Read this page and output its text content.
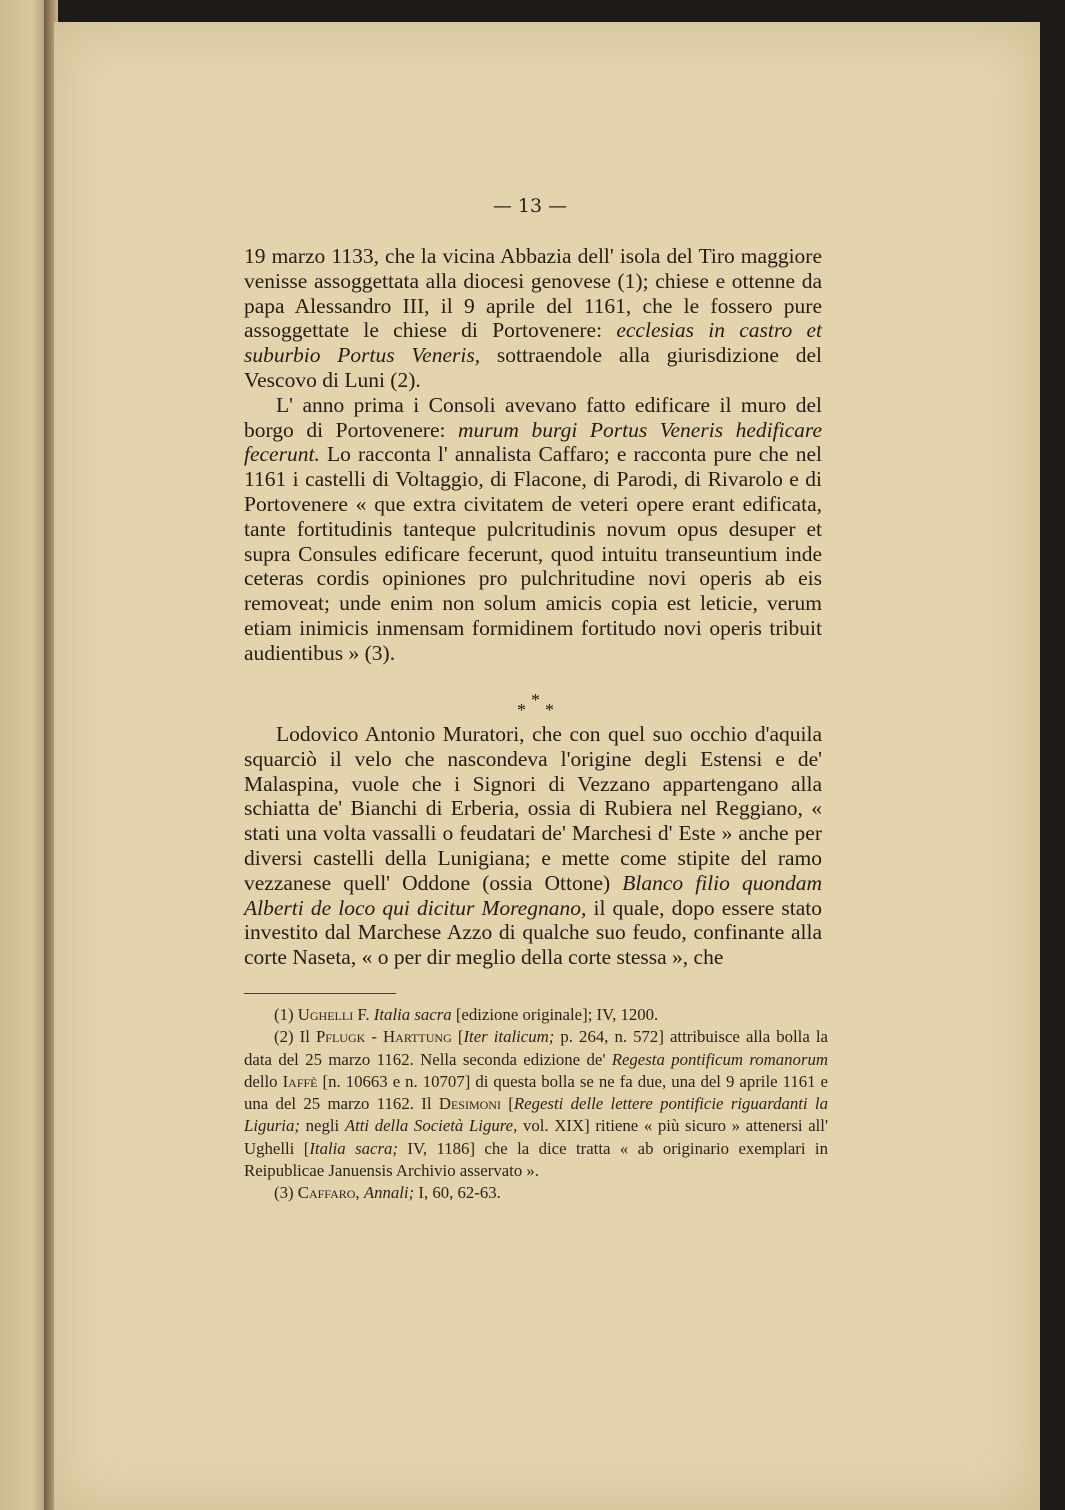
— 13 —

19 marzo 1133, che la vicina Abbazia dell' isola del Tiro maggiore venisse assoggettata alla diocesi genovese (1); chiese e ottenne da papa Alessandro III, il 9 aprile del 1161, che le fossero pure assoggettate le chiese di Portovenere: ecclesias in castro et suburbio Portus Veneris, sottraendole alla giurisdizione del Vescovo di Luni (2).

L' anno prima i Consoli avevano fatto edificare il muro del borgo di Portovenere: murum burgi Portus Veneris hedificare fecerunt. Lo racconta l' annalista Caffaro; e racconta pure che nel 1161 i castelli di Voltaggio, di Flacone, di Parodi, di Rivarolo e di Portovenere « que extra civitatem de veteri opere erant edificata, tante fortitudinis tanteque pulcritudinis novum opus desuper et supra Consules edificare fecerunt, quod intuitu transeuntium inde ceteras cordis opiniones pro pulchritudine novi operis ab eis removeat; unde enim non solum amicis copia est leticie, verum etiam inimicis inmensam formidinem fortitudo novi operis tribuit audientibus » (3).

*
* *

Lodovico Antonio Muratori, che con quel suo occhio d'aquila squarciò il velo che nascondeva l'origine degli Estensi e de' Malaspina, vuole che i Signori di Vezzano appartengano alla schiatta de' Bianchi di Erberia, ossia di Rubiera nel Reggiano, « stati una volta vassalli o feudatari de' Marchesi d' Este » anche per diversi castelli della Lunigiana; e mette come stipite del ramo vezzanese quell' Oddone (ossia Ottone) Blanco filio quondam Alberti de loco qui dicitur Moregnano, il quale, dopo essere stato investito dal Marchese Azzo di qualche suo feudo, confinante alla corte Naseta, « o per dir meglio della corte stessa », che

(1) Ughelli F. Italia sacra [edizione originale]; IV, 1200.

(2) Il Pflugk - Harttung [Iter italicum; p. 264, n. 572] attribuisce alla bolla la data del 25 marzo 1162. Nella seconda edizione de' Regesta pontificum romanorum dello Iaffè [n. 10663 e n. 10707] di questa bolla se ne fa due, una del 9 aprile 1161 e una del 25 marzo 1162. Il Desimoni [Regesti delle lettere pontificie riguardanti la Liguria; negli Atti della Società Ligure, vol. XIX] ritiene « più sicuro » attenersi all' Ughelli [Italia sacra; IV, 1186] che la dice tratta « ab originario exemplari in Reipublicae Januensis Archivio asservato ».

(3) Caffaro, Annali; I, 60, 62-63.
